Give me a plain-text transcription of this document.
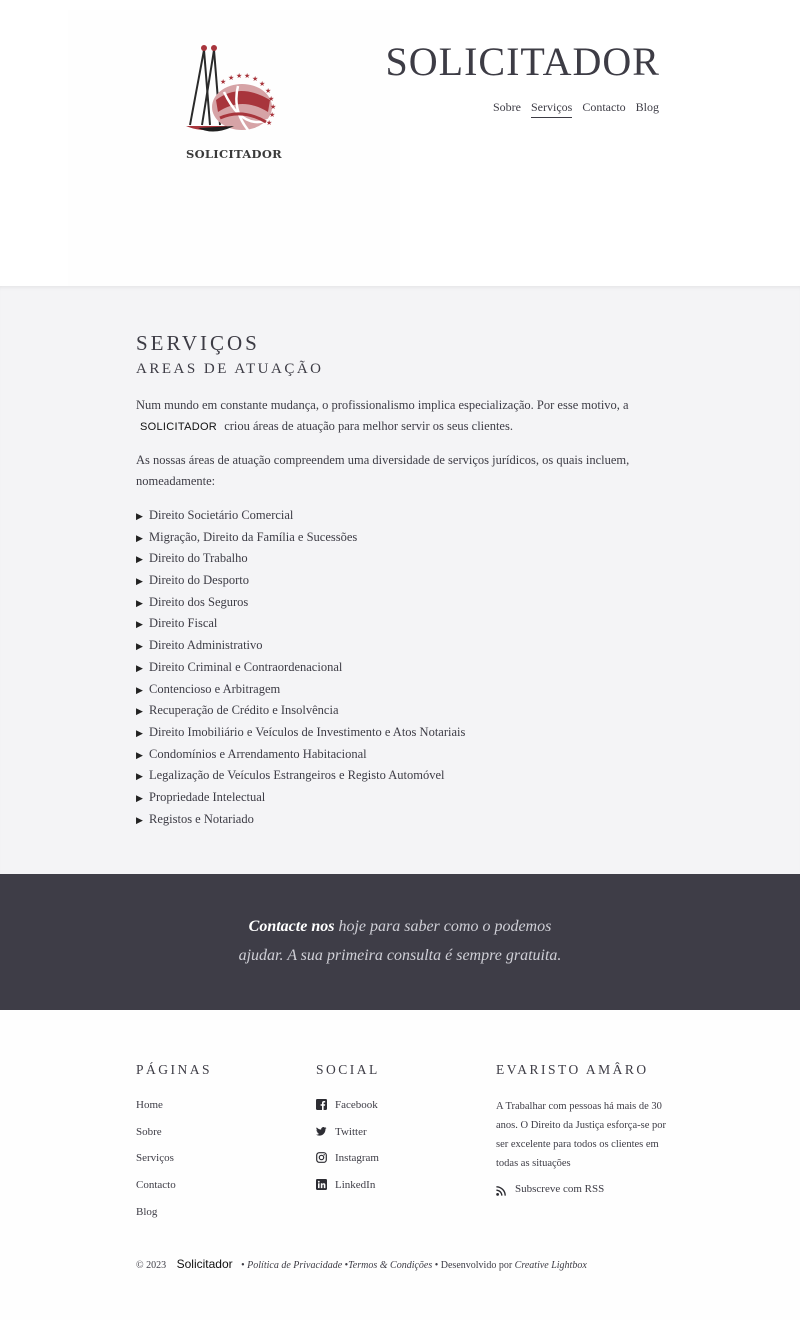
★ ★ ★ ★
★
★
★
★
★
★
★
SOLICITADOR
SOLICITADOR
Sobre Serviços Contacto Blog
SERVIÇOS
AREAS DE ATUAÇÃO

Num mundo em constante mudança, o profissionalismo implica especialização. Por esse motivo, a
SOLICITADOR criou áreas de atuação para melhor servir os seus clientes.

As nossas áreas de atuação compreendem uma diversidade de serviços jurídicos, os quais incluem, nomeadamente:

▶ Direito Societário Comercial
▶ Migração, Direito da Família e Sucessões
▶ Direito do Trabalho
▶ Direito do Desporto
▶ Direito dos Seguros
▶ Direito Fiscal
▶ Direito Administrativo
▶ Direito Criminal e Contraordenacional
▶ Contencioso e Arbitragem
▶ Recuperação de Crédito e Insolvência
▶ Direito Imobiliário e Veículos de Investimento e Atos Notariais
▶ Condomínios e Arrendamento Habitacional
▶ Legalização de Veículos Estrangeiros e Registo Automóvel
▶ Propriedade Intelectual
▶ Registos e Notariado
Contacte nos hoje para saber como o podemos
ajudar. A sua primeira consulta é sempre gratuita.
PÁGINAS
Home
Sobre
Serviços
Contacto
Blog
SOCIAL
Facebook
Twitter
Instagram
LinkedIn
EVARISTO AMÂRO

A Trabalhar com pessoas há mais de 30 anos. O Direito da Justiça esforça-se por ser excelente para todos os clientes em todas as situações

Subscreve com RSS
© 2023 Solicitador • Política de Privacidade •Termos & Condições • Desenvolvido por Creative Lightbox
